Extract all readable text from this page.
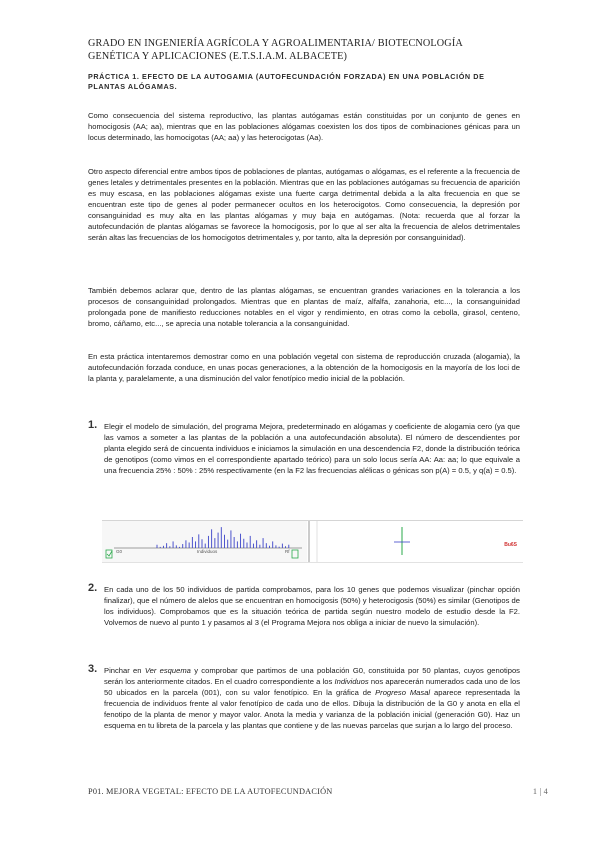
GRADO EN INGENIERÍA AGRÍCOLA Y AGROALIMENTARIA/ BIOTECNOLOGÍA
GENÉTICA Y APLICACIONES (E.T.S.I.A.M. ALBACETE)
PRÁCTICA 1. EFECTO DE LA AUTOGAMIA (AUTOFECUNDACIÓN FORZADA) EN UNA POBLACIÓN DE PLANTAS ALÓGAMAS.

Como consecuencia del sistema reproductivo, las plantas autógamas están constituidas por un conjunto de genes en homocigosis (AA; aa), mientras que en las poblaciones alógamas coexisten los dos tipos de combinaciones génicas para un locus determinado, las homocigotas (AA; aa) y las heterocigotas (Aa).

Otro aspecto diferencial entre ambos tipos de poblaciones de plantas, autógamas o alógamas, es el referente a la frecuencia de genes letales y detrimentales presentes en la población. Mientras que en las poblaciones autógamas su frecuencia de aparición es muy escasa, en las poblaciones alógamas existe una fuerte carga detrimental debida a la alta frecuencia en que se encuentran este tipo de genes al poder permanecer ocultos en los heterocigotos. Como consecuencia, la depresión por consanguinidad es muy alta en las plantas alógamas y muy baja en autógamas. (Nota: recuerda que al forzar la autofecundación de plantas alógamas se favorece la homocigosis, por lo que al ser alta la frecuencia de alelos detrimentales serán altas las frecuencias de los homocigotos detrimentales y, por tanto, alta la depresión por consanguinidad).

También debemos aclarar que, dentro de las plantas alógamas, se encuentran grandes variaciones en la tolerancia a los procesos de consanguinidad prolongados. Mientras que en plantas de maíz, alfalfa, zanahoria, etc..., la consanguinidad prolongada pone de manifiesto reducciones notables en el vigor y rendimiento, en otras como la cebolla, girasol, centeno, bromo, cáñamo, etc..., se aprecia una notable tolerancia a la consanguinidad.

En esta práctica intentaremos demostrar como en una población vegetal con sistema de reproducción cruzada (alogamia), la autofecundación forzada conduce, en unas pocas generaciones, a la obtención de la homocigosis en la mayoría de los loci de la planta y, paralelamente, a una disminución del valor fenotípico medio inicial de la población.

1. Elegir el modelo de simulación, del programa Mejora, predeterminado en alógamas y coeficiente de alogamia cero (ya que las vamos a someter a las plantas de la población a una autofecundación absoluta). El número de descendientes por planta elegido será de cincuenta individuos e iniciamos la simulación en una descendencia F2, donde la distribución teórica de genotipos (como vimos en el correspondiente apartado teórico) para un solo locus sería AA: Aa: aa; lo que equivale a una frecuencia 25% : 50% : 25% respectivamente (en la F2 las frecuencias alélicas o génicas son p(A) = 0.5, y q(a) = 0.5).

G0	Individuos	Rf
Bu6S
2. En cada uno de los 50 individuos de partida comprobamos, para los 10 genes que podemos visualizar (pinchar opción finalizar), que el número de alelos que se encuentran en homocigosis (50%) y heterocigosis (50%) es similar (Genotipos de los individuos). Comprobamos que es la situación teórica de partida según nuestro modelo de estudio desde la F2. Volvemos de nuevo al punto 1 y pasamos al 3 (el Programa Mejora nos obliga a iniciar de nuevo la simulación).

3. Pinchar en Ver esquema y comprobar que partimos de una población G0, constituida por 50 plantas, cuyos genotipos serán los anteriormente citados. En el cuadro correspondiente a los Individuos nos aparecerán numerados cada uno de los 50 ubicados en la parcela (001), con su valor fenotípico. En la gráfica de Progreso Masal aparece representada la frecuencia de individuos frente al valor fenotípico de cada uno de ellos. Dibuja la distribución de la G0 y anota en ella el fenotipo de la planta de menor y mayor valor. Anota la media y varianza de la población inicial (generación G0). Haz un esquema en tu libreta de la parcela y las plantas que contiene y de las nuevas parcelas que surjan a lo largo del proceso.

P01. MEJORA VEGETAL: EFECTO DE LA AUTOFECUNDACIÓN	1 | 4
